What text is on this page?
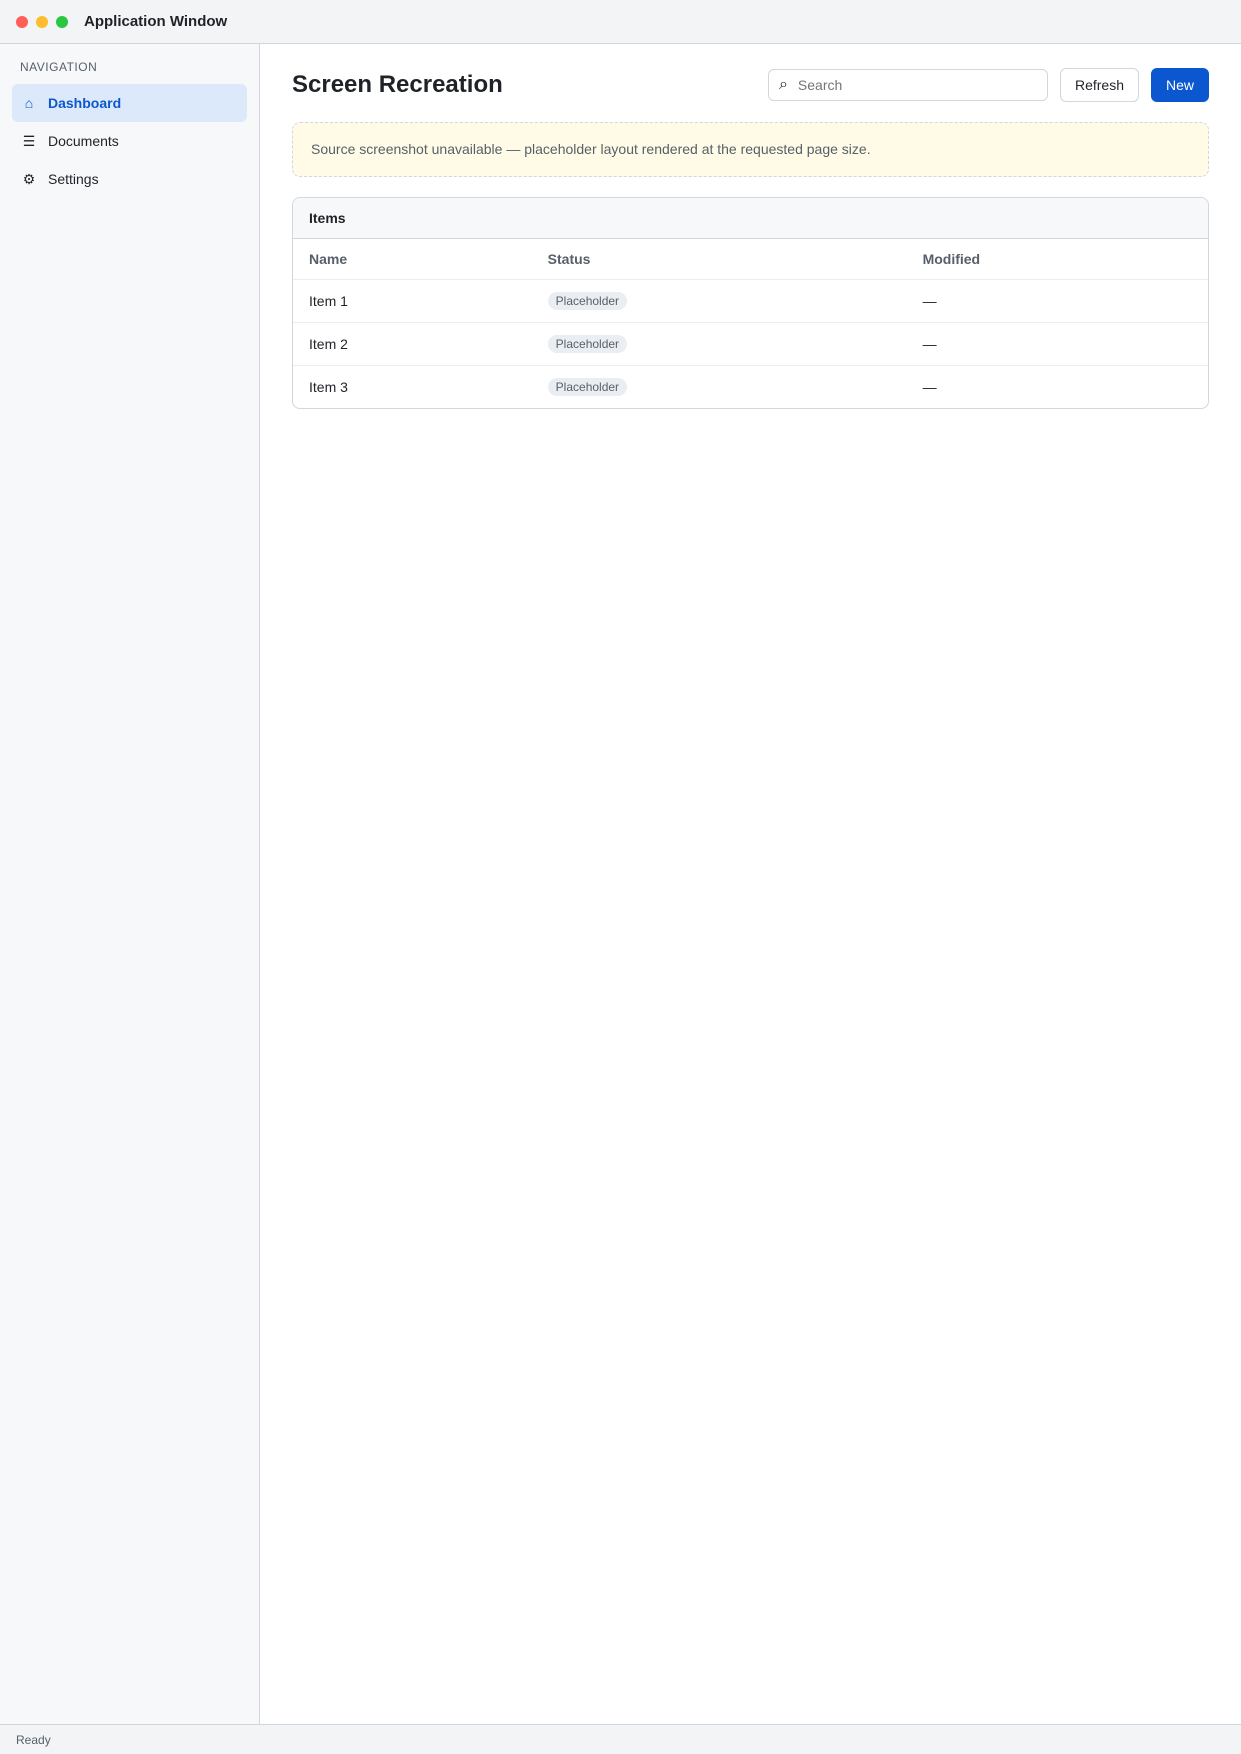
Application Window
NAVIGATION
⌂	Dashboard
☰ Documents
⚙ Settings
Screen Recreation	⌕
Search	Refresh	New
Source screenshot unavailable — placeholder layout rendered at the requested page size.
Items
Name	Status	Modified
Item 1	Placeholder	—
Item 2	Placeholder	—
Item 3	Placeholder	—
Ready
